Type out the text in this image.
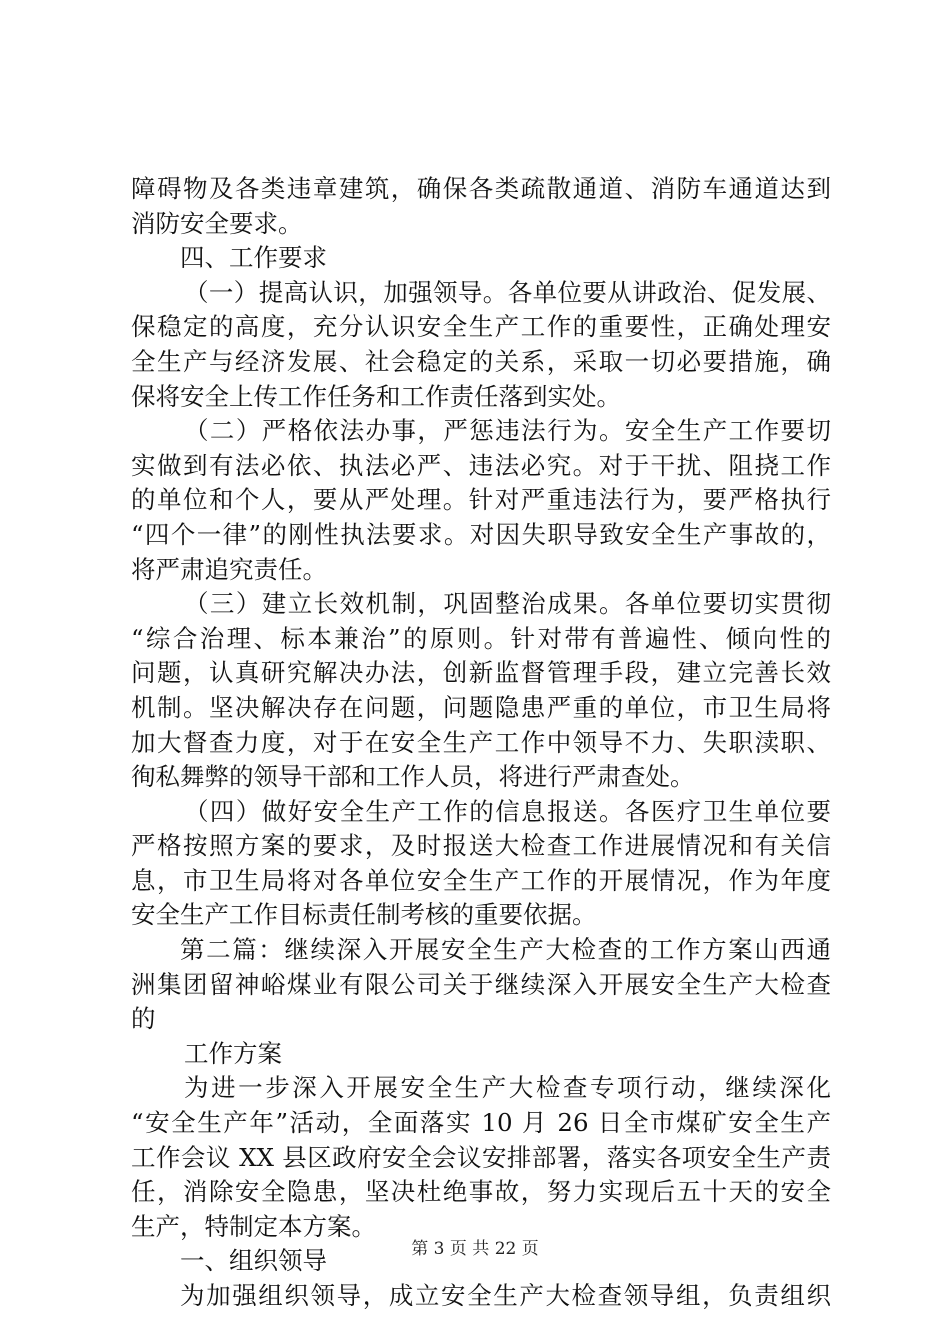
障碍物及各类违章建筑，确保各类疏散通道、消防车通道达到
消防安全要求。
四、工作要求
（一）提高认识，加强领导。各单位要从讲政治、促发展、
保稳定的高度，充分认识安全生产工作的重要性，正确处理安
全生产与经济发展、社会稳定的关系，采取一切必要措施，确
保将安全上传工作任务和工作责任落到实处。
（二）严格依法办事，严惩违法行为。安全生产工作要切
实做到有法必依、执法必严、违法必究。对于干扰、阻挠工作
的单位和个人，要从严处理。针对严重违法行为，要严格执行
“四个一律”的刚性执法要求。对因失职导致安全生产事故的，
将严肃追究责任。
（三）建立长效机制，巩固整治成果。各单位要切实贯彻
“综合治理、标本兼治”的原则。针对带有普遍性、倾向性的
问题，认真研究解决办法，创新监督管理手段，建立完善长效
机制。坚决解决存在问题，问题隐患严重的单位，市卫生局将
加大督查力度，对于在安全生产工作中领导不力、失职渎职、
徇私舞弊的领导干部和工作人员，将进行严肃查处。
（四）做好安全生产工作的信息报送。各医疗卫生单位要
严格按照方案的要求，及时报送大检查工作进展情况和有关信
息，市卫生局将对各单位安全生产工作的开展情况，作为年度
安全生产工作目标责任制考核的重要依据。
第二篇：继续深入开展安全生产大检查的工作方案山西通
洲集团留神峪煤业有限公司关于继续深入开展安全生产大检查
的
工作方案
为进一步深入开展安全生产大检查专项行动，继续深化
“安全生产年”活动，全面落实 10 月 26 日全市煤矿安全生产
工作会议 XX 县区政府安全会议安排部署，落实各项安全生产责
任，消除安全隐患，坚决杜绝事故，努力实现后五十天的安全
生产，特制定本方案。
一、组织领导
为加强组织领导，成立安全生产大检查领导组，负责组织
第 3 页 共 22 页
